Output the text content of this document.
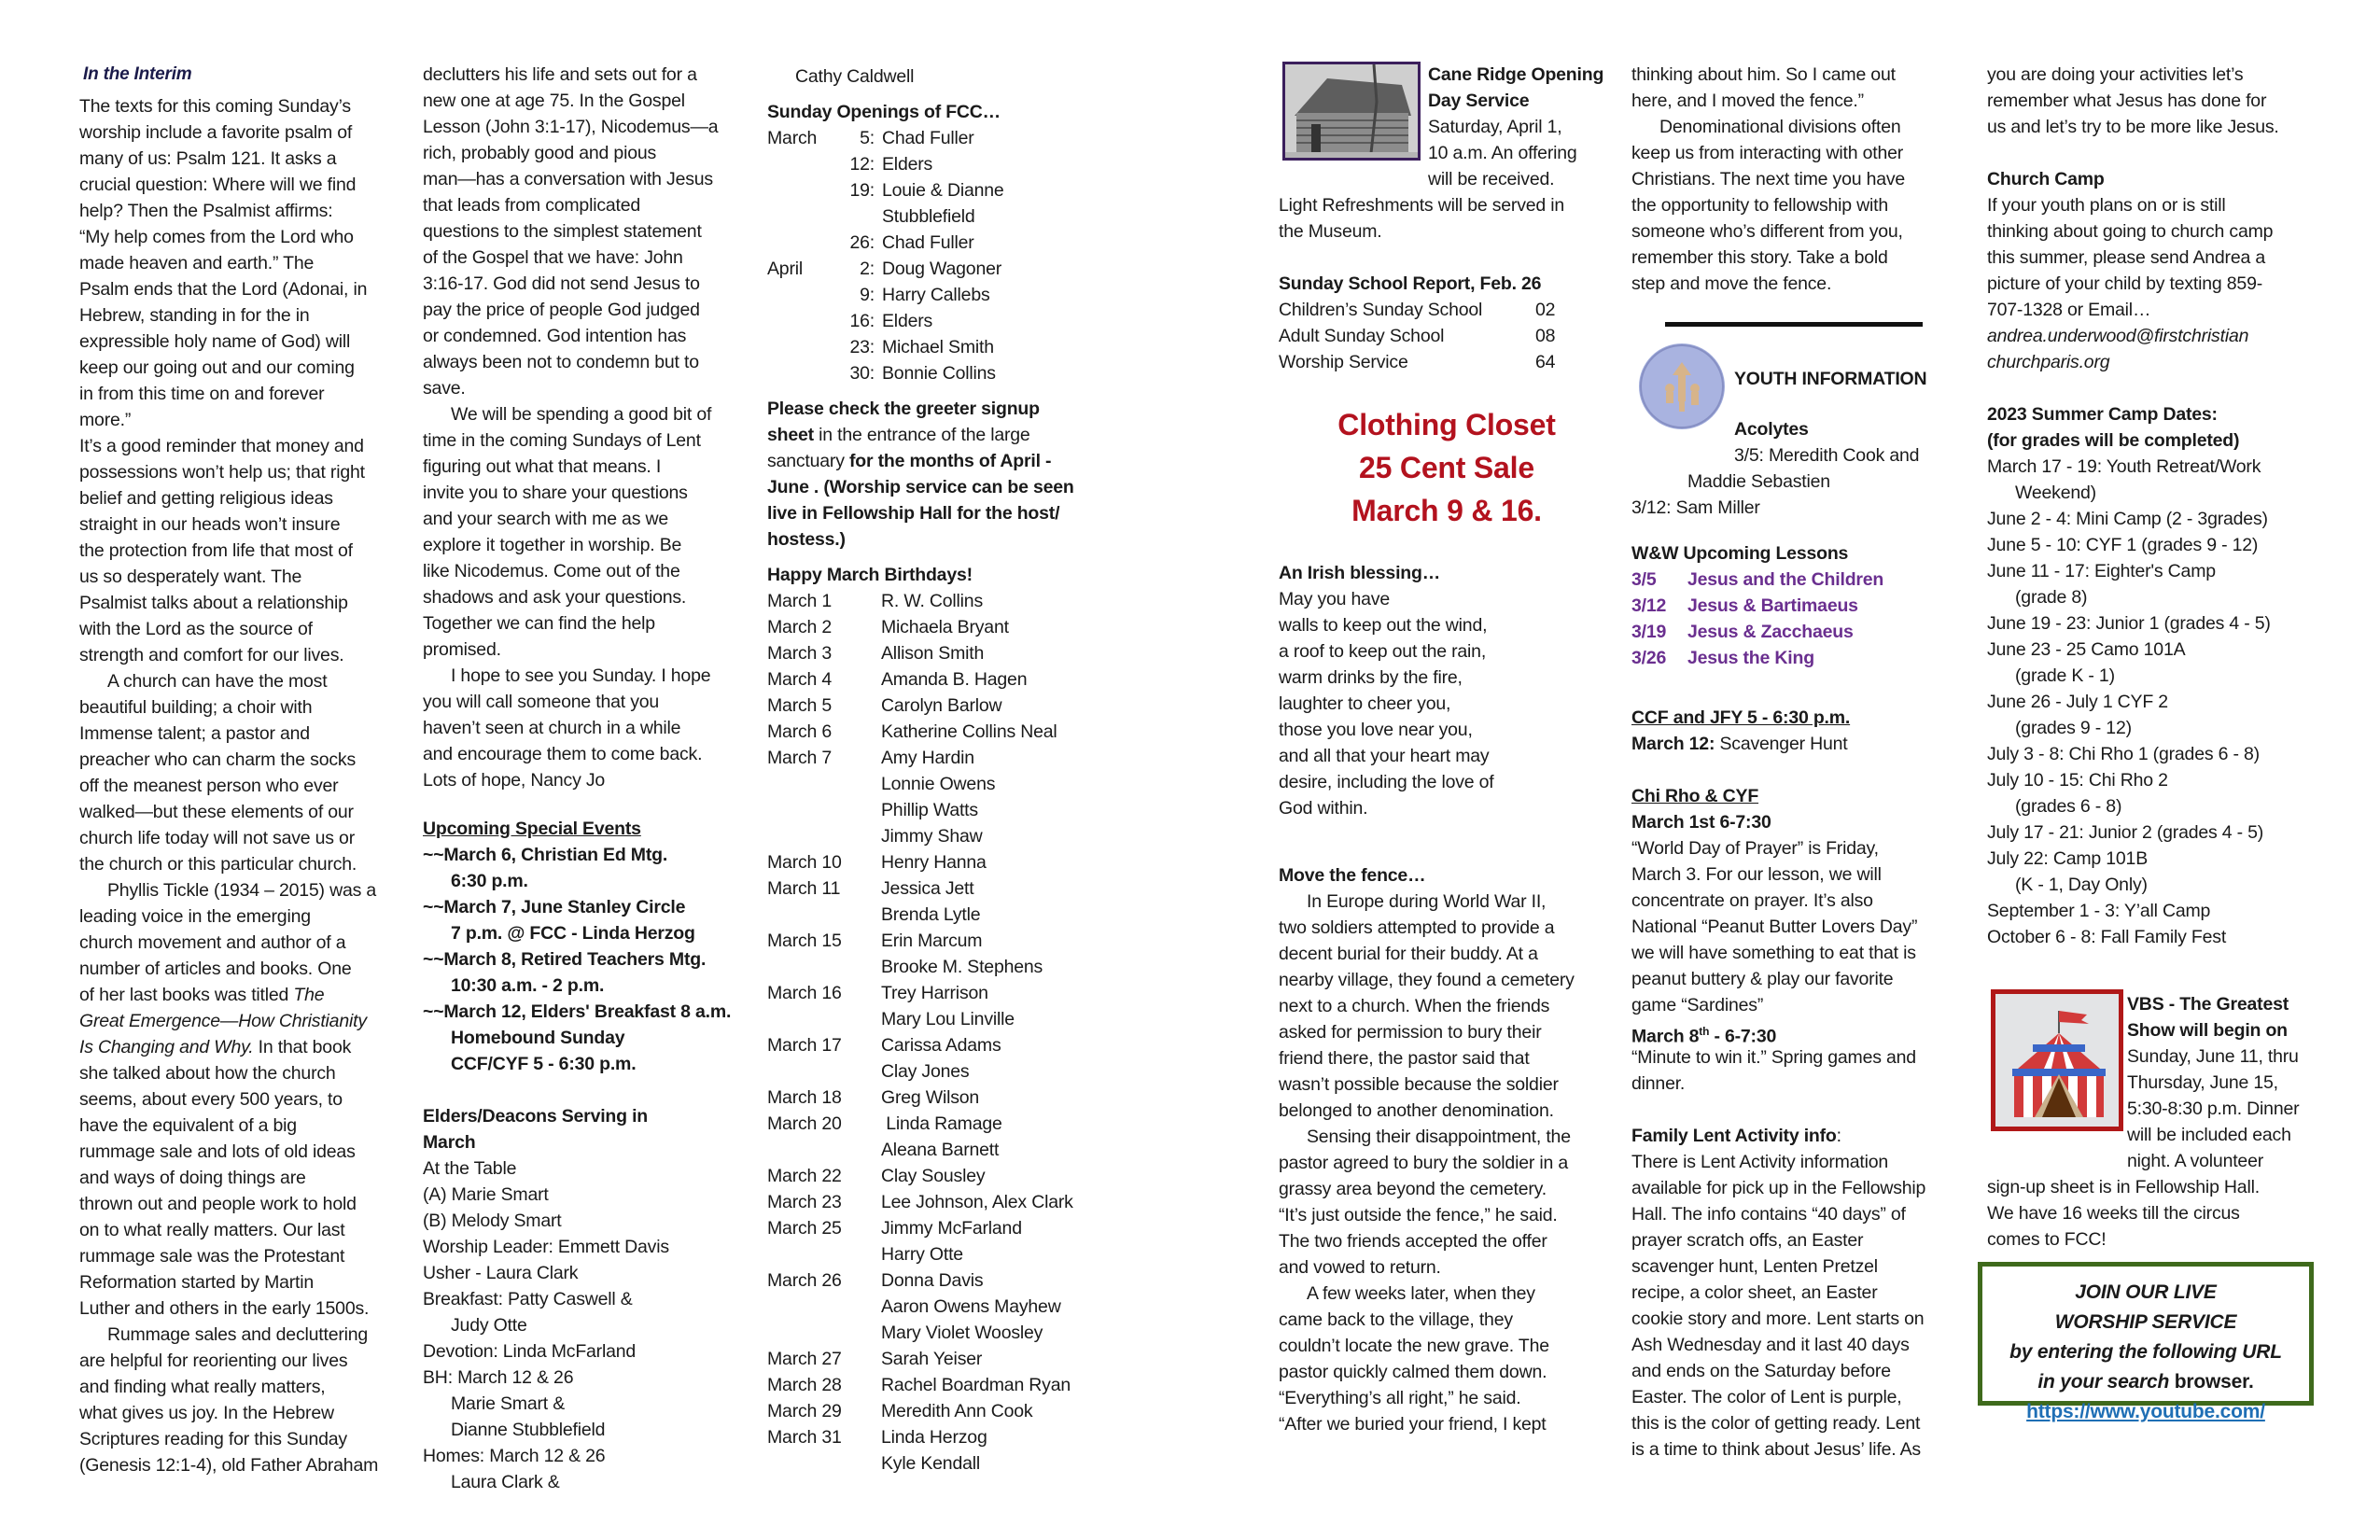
In the Interim
The texts for this coming Sunday’s
worship include a favorite psalm of
many of us: Psalm 121. It asks a
crucial question: Where will we find
help? Then the Psalmist affirms:
“My help comes from the Lord who
made heaven and earth.” The
Psalm ends that the Lord (Adonai, in
Hebrew, standing in for the in
expressible holy name of God) will
keep our going out and our coming
in from this time on and forever
more.”
It’s a good reminder that money and
possessions won’t help us; that right
belief and getting religious ideas
straight in our heads won’t insure
the protection from life that most of
us so desperately want. The
Psalmist talks about a relationship
with the Lord as the source of
strength and comfort for our lives.
A church can have the most
beautiful building; a choir with
Immense talent; a pastor and
preacher who can charm the socks
off the meanest person who ever
walked—but these elements of our
church life today will not save us or
the church or this particular church.
Phyllis Tickle (1934 – 2015) was a
leading voice in the emerging
church movement and author of a
number of articles and books. One
of her last books was titled The
Great Emergence—How Christianity
Is Changing and Why. In that book
she talked about how the church
seems, about every 500 years, to
have the equivalent of a big
rummage sale and lots of old ideas
and ways of doing things are
thrown out and people work to hold
on to what really matters. Our last
rummage sale was the Protestant
Reformation started by Martin
Luther and others in the early 1500s.
Rummage sales and decluttering
are helpful for reorienting our lives
and finding what really matters,
what gives us joy. In the Hebrew
Scriptures reading for this Sunday
(Genesis 12:1-4), old Father Abraham
declutters his life and sets out for a
new one at age 75. In the Gospel
Lesson (John 3:1-17), Nicodemus—a
rich, probably good and pious
man—has a conversation with Jesus
that leads from complicated
questions to the simplest statement
of the Gospel that we have: John
3:16-17. God did not send Jesus to
pay the price of people God judged
or condemned. God intention has
always been not to condemn but to
save.
We will be spending a good bit of
time in the coming Sundays of Lent
figuring out what that means. I
invite you to share your questions
and your search with me as we
explore it together in worship. Be
like Nicodemus. Come out of the
shadows and ask your questions.
Together we can find the help
promised.
I hope to see you Sunday. I hope
you will call someone that you
haven’t seen at church in a while
and encourage them to come back.
Lots of hope, Nancy Jo
Upcoming Special Events
~~March 6, Christian Ed Mtg.
6:30 p.m.
~~March 7, June Stanley Circle
7 p.m. @ FCC - Linda Herzog
~~March 8, Retired Teachers Mtg.
10:30 a.m. - 2 p.m.
~~March 12, Elders' Breakfast 8 a.m.
Homebound Sunday
CCF/CYF 5 - 6:30 p.m.
Elders/Deacons Serving in
March
At the Table
(A) Marie Smart
(B) Melody Smart
Worship Leader: Emmett Davis
Usher - Laura Clark
Breakfast: Patty Caswell &
Judy Otte
Devotion: Linda McFarland
BH: March 12 & 26
Marie Smart &
Dianne Stubblefield
Homes: March 12 & 26
Laura Clark &
Cathy Caldwell
Sunday Openings of FCC…
March 5: Chad Fuller
12: Elders
19: Louie & Dianne
Stubblefield
26: Chad Fuller
April	2: Doug Wagoner
9: Harry Callebs
16: Elders
23: Michael Smith
30: Bonnie Collins
Please check the greeter signup
sheet in the entrance of the large
sanctuary for the months of April -
June . (Worship service can be seen
live in Fellowship Hall for the host/
hostess.)
Happy March Birthdays!
March 1	R. W. Collins
March 2	Michaela Bryant
March 3	Allison Smith
March 4	Amanda B. Hagen
March 5	Carolyn Barlow
March 6	Katherine Collins Neal
March 7	Amy Hardin
Lonnie Owens
Phillip Watts
Jimmy Shaw
March 10 Henry Hanna
March 11 Jessica Jett
Brenda Lytle
March 15 Erin Marcum
Brooke M. Stephens
March 16 Trey Harrison
Mary Lou Linville
March 17 Carissa Adams
Clay Jones
March 18 Greg Wilson
March 20 Linda Ramage
Aleana Barnett
March 22 Clay Sousley
March 23 Lee Johnson, Alex Clark
March 25 Jimmy McFarland
Harry Otte
March 26 Donna Davis
Aaron Owens Mayhew
Mary Violet Woosley
March 27 Sarah Yeiser
March 28 Rachel Boardman Ryan
March 29 Meredith Ann Cook
March 31 Linda Herzog
Kyle Kendall
Cane Ridge Opening
Day Service
Saturday, April 1,
10 a.m. An offering
will be received.
Light Refreshments will be served in
the Museum.
Sunday School Report, Feb. 26
Children’s Sunday School	02
Adult Sunday School	08
Worship Service	64
Clothing Closet
25 Cent Sale
March 9 & 16.
An Irish blessing…
May you have
walls to keep out the wind,
a roof to keep out the rain,
warm drinks by the fire,
laughter to cheer you,
those you love near you,
and all that your heart may
desire, including the love of
God within.
Move the fence…
In Europe during World War II,
two soldiers attempted to provide a
decent burial for their buddy. At a
nearby village, they found a cemetery
next to a church. When the friends
asked for permission to bury their
friend there, the pastor said that
wasn’t possible because the soldier
belonged to another denomination.
Sensing their disappointment, the
pastor agreed to bury the soldier in a
grassy area beyond the cemetery.
“It’s just outside the fence,” he said.
The two friends accepted the offer
and vowed to return.
A few weeks later, when they
came back to the village, they
couldn’t locate the new grave. The
pastor quickly calmed them down.
“Everything’s all right,” he said.
“After we buried your friend, I kept
thinking about him. So I came out
here, and I moved the fence.”
Denominational divisions often
keep us from interacting with other
Christians. The next time you have
the opportunity to fellowship with
someone who’s different from you,
remember this story. Take a bold
step and move the fence.
YOUTH INFORMATION
Acolytes
3/5: Meredith Cook and
Maddie Sebastien
3/12: Sam Miller
W&W Upcoming Lessons
3/5 Jesus and the Children
3/12 Jesus & Bartimaeus
3/19 Jesus & Zacchaeus
3/26 Jesus the King
CCF and JFY 5 - 6:30 p.m.
March 12: Scavenger Hunt
Chi Rho & CYF
March 1st 6-7:30
“World Day of Prayer” is Friday,
March 3. For our lesson, we will
concentrate on prayer. It’s also
National “Peanut Butter Lovers Day”
we will have something to eat that is
peanut buttery & play our favorite
game “Sardines”
March 8th - 6-7:30
“Minute to win it.” Spring games and
dinner.
Family Lent Activity info:
There is Lent Activity information
available for pick up in the Fellowship
Hall. The info contains “40 days” of
prayer scratch offs, an Easter
scavenger hunt, Lenten Pretzel
recipe, a color sheet, an Easter
cookie story and more. Lent starts on
Ash Wednesday and it last 40 days
and ends on the Saturday before
Easter. The color of Lent is purple,
this is the color of getting ready. Lent
is a time to think about Jesus’ life. As
you are doing your activities let’s
remember what Jesus has done for
us and let’s try to be more like Jesus.
Church Camp
If your youth plans on or is still
thinking about going to church camp
this summer, please send Andrea a
picture of your child by texting 859-
707-1328 or Email…
andrea.underwood@firstchristian
churchparis.org
2023 Summer Camp Dates:
(for grades will be completed)
March 17 - 19: Youth Retreat/Work
Weekend)
June 2 - 4: Mini Camp (2 - 3grades)
June 5 - 10: CYF 1 (grades 9 - 12)
June 11 - 17: Eighter's Camp
(grade 8)
June 19 - 23: Junior 1 (grades 4 - 5)
June 23 - 25 Camo 101A
(grade K - 1)
June 26 - July 1 CYF 2
(grades 9 - 12)
July 3 - 8: Chi Rho 1 (grades 6 - 8)
July 10 - 15: Chi Rho 2
(grades 6 - 8)
July 17 - 21: Junior 2 (grades 4 - 5)
July 22: Camp 101B
(K - 1, Day Only)
September 1 - 3: Y’all Camp
October 6 - 8: Fall Family Fest
VBS - The Greatest
Show will begin on
Sunday, June 11, thru
Thursday, June 15,
5:30-8:30 p.m. Dinner
will be included each
night. A volunteer
sign-up sheet is in Fellowship Hall.
We have 16 weeks till the circus
comes to FCC!
JOIN OUR LIVE
WORSHIP SERVICE
by entering the following URL
in your search browser.
https://www.youtube.com/
